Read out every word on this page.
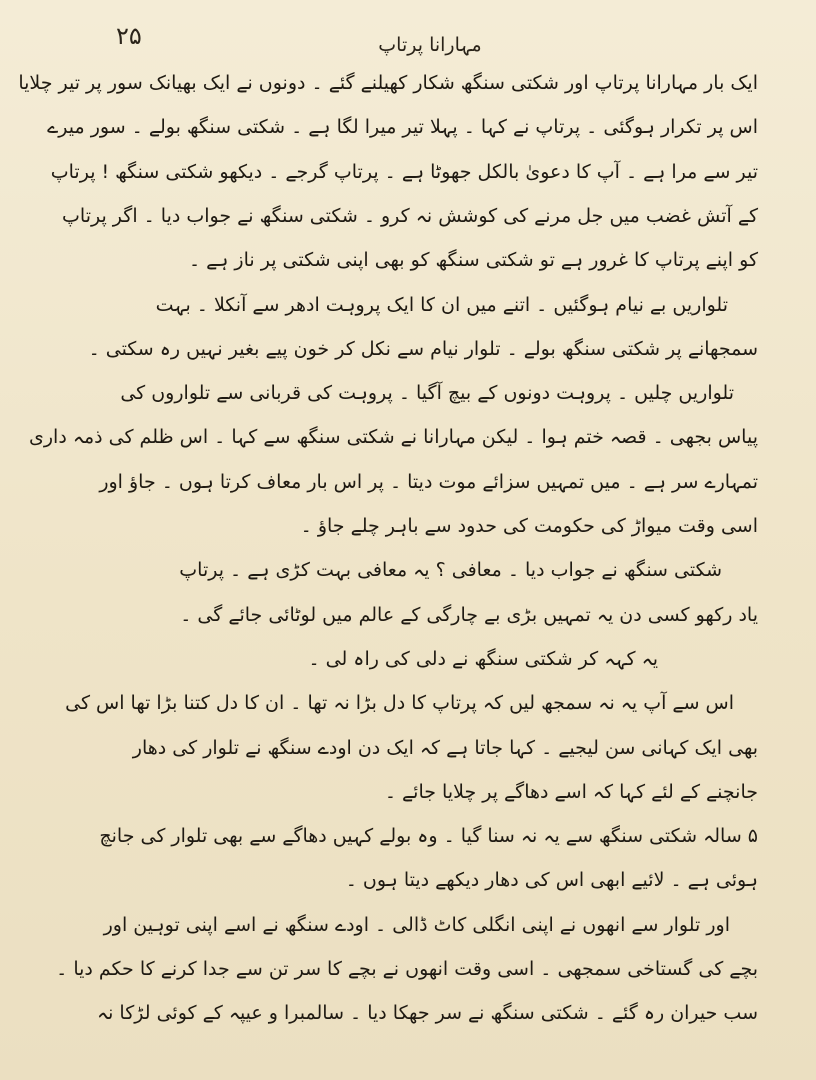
۲۵	مہارانا پرتاپ
ایک بار مہارانا پرتاپ اور شکتی سنگھ شکار کھیلنے گئے ۔ دونوں نے ایک بھیانک سور پر تیر چلایا
اس پر تکرار ہوگئی ۔ پرتاپ نے کہا ۔ پہلا تیر میرا لگا ہے ۔ شکتی سنگھ بولے ۔ سور میرے
تیر سے مرا ہے ۔ آپ کا دعویٰ بالکل جھوٹا ہے ۔ پرتاپ گرجے ۔ دیکھو شکتی سنگھ ! پرتاپ
کے آتش غضب میں جل مرنے کی کوشش نہ کرو ۔ شکتی سنگھ نے جواب دیا ۔ اگر پرتاپ
کو اپنے پرتاپ کا غرور ہے تو شکتی سنگھ کو بھی اپنی شکتی پر ناز ہے ۔
تلواریں بے نیام ہوگئیں ۔ اتنے میں ان کا ایک پروہت ادھر سے آنکلا ۔ بہت
سمجھانے پر شکتی سنگھ بولے ۔ تلوار نیام سے نکل کر خون پیے بغیر نہیں رہ سکتی ۔
تلواریں چلیں ۔ پروہت دونوں کے بیچ آگیا ۔ پروہت کی قربانی سے تلواروں کی
پیاس بجھی ۔ قصہ ختم ہوا ۔ لیکن مہارانا نے شکتی سنگھ سے کہا ۔ اس ظلم کی ذمہ داری
تمہارے سر ہے ۔ میں تمہیں سزائے موت دیتا ۔ پر اس بار معاف کرتا ہوں ۔ جاؤ اور
اسی وقت میواڑ کی حکومت کی حدود سے باہر چلے جاؤ ۔
شکتی سنگھ نے جواب دیا ۔ معافی ؟ یہ معافی بہت کڑی ہے ۔ پرتاپ
یاد رکھو کسی دن یہ تمہیں بڑی بے چارگی کے عالم میں لوٹائی جائے گی ۔
یہ کہہ کر شکتی سنگھ نے دلی کی راہ لی ۔
اس سے آپ یہ نہ سمجھ لیں کہ پرتاپ کا دل بڑا نہ تھا ۔ ان کا دل کتنا بڑا تھا اس کی
بھی ایک کہانی سن لیجیے ۔ کہا جاتا ہے کہ ایک دن اودے سنگھ نے تلوار کی دھار
جانچنے کے لئے کہا کہ اسے دھاگے پر چلایا جائے ۔
۵ سالہ شکتی سنگھ سے یہ نہ سنا گیا ۔ وہ بولے کہیں دھاگے سے بھی تلوار کی جانچ
ہوئی ہے ۔ لائیے ابھی اس کی دھار دیکھے دیتا ہوں ۔
اور تلوار سے انھوں نے اپنی انگلی کاٹ ڈالی ۔ اودے سنگھ نے اسے اپنی توہین اور
بچے کی گستاخی سمجھی ۔ اسی وقت انھوں نے بچے کا سر تن سے جدا کرنے کا حکم دیا ۔
سب حیران رہ گئے ۔ شکتی سنگھ نے سر جھکا دیا ۔ سالمبرا و عیپہ کے کوئی لڑکا نہ
